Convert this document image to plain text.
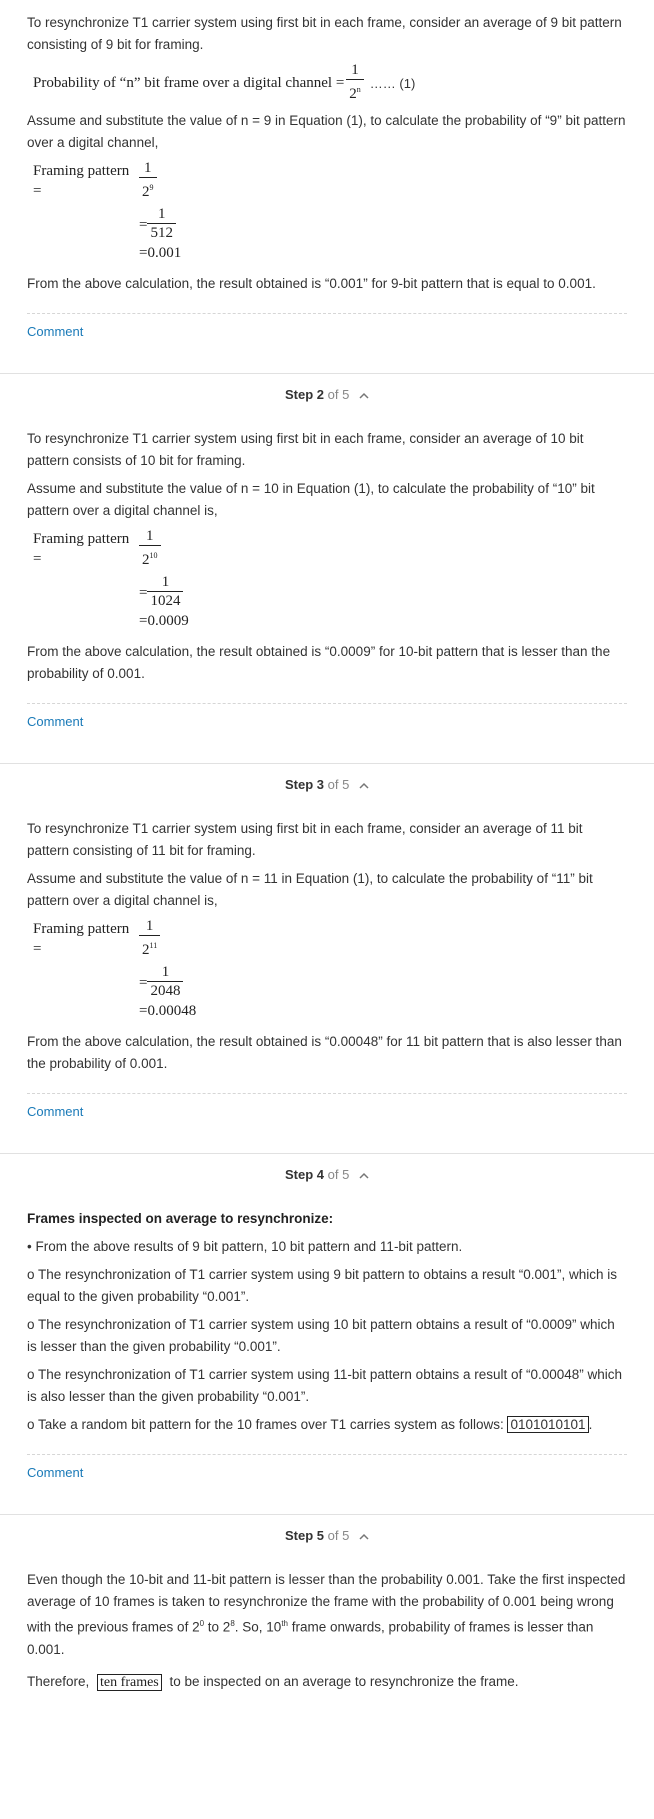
To resynchronize T1 carrier system using first bit in each frame, consider an average of 9 bit pattern consisting of 9 bit for framing.

Probability of “n” bit frame over a digital channel = $\frac{1}{2^n}$ …… (1)

Assume and substitute the value of n = 9 in Equation (1), to calculate the probability of “9” bit pattern over a digital channel,

Framing pattern =	$\frac{1}{2^9}$
= $\frac{1}{512}$
=0.001

From the above calculation, the result obtained is “0.001” for 9-bit pattern that is equal to 0.001.

Comment
Step 2 of 5

To resynchronize T1 carrier system using first bit in each frame, consider an average of 10 bit pattern consists of 10 bit for framing.

Assume and substitute the value of n = 10 in Equation (1), to calculate the probability of “10” bit pattern over a digital channel is,

Framing pattern =	$\frac{1}{2^{10}}$
= $\frac{1}{1024}$
=0.0009

From the above calculation, the result obtained is “0.0009” for 10-bit pattern that is lesser than the probability of 0.001.

Comment
Step 3 of 5

To resynchronize T1 carrier system using first bit in each frame, consider an average of 11 bit pattern consisting of 11 bit for framing.

Assume and substitute the value of n = 11 in Equation (1), to calculate the probability of “11” bit pattern over a digital channel is,

Framing pattern =	$\frac{1}{2^{11}}$
= $\frac{1}{2048}$
=0.00048

From the above calculation, the result obtained is “0.00048” for 11 bit pattern that is also lesser than the probability of 0.001.

Comment
Step 4 of 5

Frames inspected on average to resynchronize:

• From the above results of 9 bit pattern, 10 bit pattern and 11-bit pattern.

o The resynchronization of T1 carrier system using 9 bit pattern to obtains a result “0.001”, which is equal to the given probability “0.001”.

o The resynchronization of T1 carrier system using 10 bit pattern obtains a result of “0.0009” which is lesser than the given probability “0.001”.

o The resynchronization of T1 carrier system using 11-bit pattern obtains a result of “0.00048” which is also lesser than the given probability “0.001”.

o Take a random bit pattern for the 10 frames over T1 carries system as follows: 0101010101 .

Comment
Step 5 of 5

Even though the 10-bit and 11-bit pattern is lesser than the probability 0.001. Take the first inspected average of 10 frames is taken to resynchronize the frame with the probability of 0.001 being wrong with the previous frames of $2^0$ to $2^8$. So, 10th frame onwards, probability of frames is lesser than 0.001.

Therefore, ten frames to be inspected on an average to resynchronize the frame.
